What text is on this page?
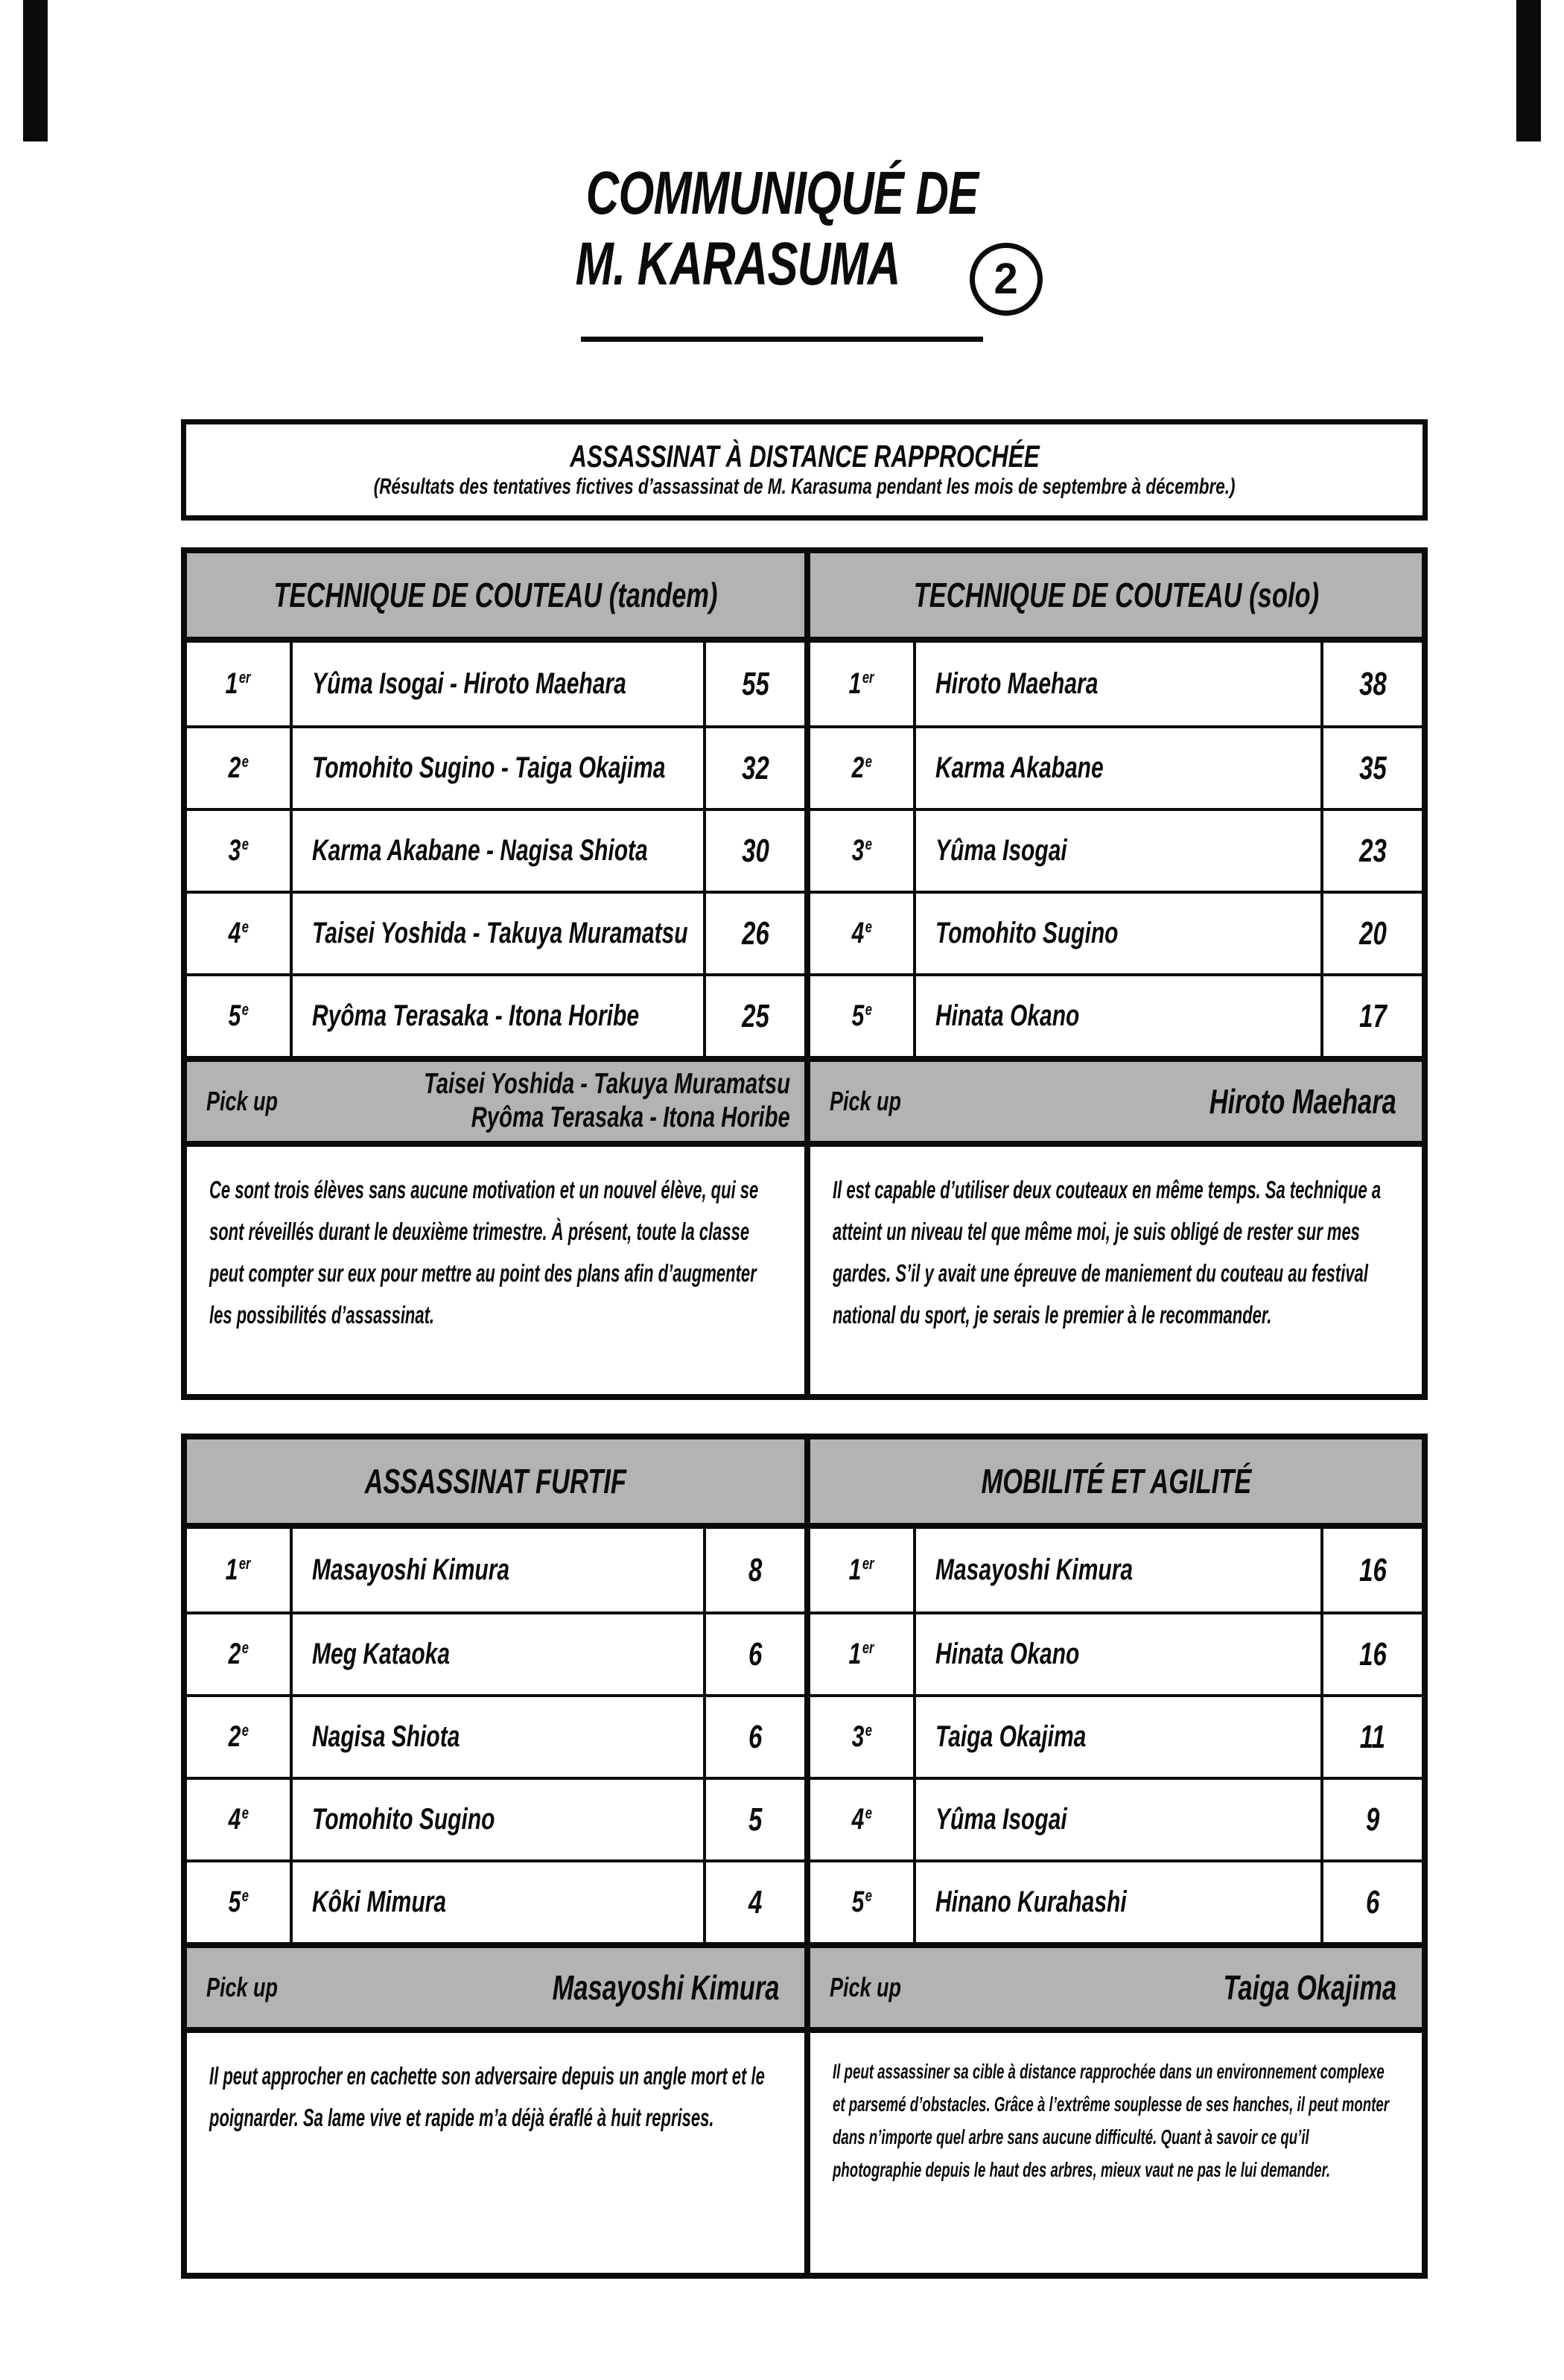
COMMUNIQUÉ DE
M. KARASUMA 2
ASSASSINAT À DISTANCE RAPPROCHÉE
(Résultats des tentatives fictives d’assassinat de M. Karasuma pendant les mois de septembre à décembre.)
TECHNIQUE DE COUTEAU (tandem)
1er Yûma Isogai - Hiroto Maehara	55
2e Tomohito Sugino - Taiga Okajima 32
3e Karma Akabane - Nagisa Shiota	30
4e Taisei Yoshida - Takuya Muramatsu 26
5e Ryôma Terasaka - Itona Horibe	25
Pick up
Taisei Yoshida - Takuya Muramatsu
Ryôma Terasaka - Itona Horibe

Ce sont trois élèves sans aucune motivation et un nouvel élève, qui se sont réveillés durant le deuxième trimestre. À présent, toute la classe peut compter sur eux pour mettre au point des plans afin d’augmenter les possibilités d’assassinat.

TECHNIQUE DE COUTEAU (solo)
1er Hiroto Maehara	38
2e Karma Akabane	35
3e Yûma Isogai	23
4e Tomohito Sugino	20
5e Hinata Okano	17
Pick up	Hiroto Maehara

Il est capable d’utiliser deux couteaux en même temps. Sa technique a atteint un niveau tel que même moi, je suis obligé de rester sur mes gardes. S’il y avait une épreuve de maniement du couteau au festival national du sport, je serais le premier à le recommander.

ASSASSINAT FURTIF
1er Masayoshi Kimura	8
2e Meg Kataoka	6
2e Nagisa Shiota	6
4e Tomohito Sugino	5
5e Kôki Mimura	4
Pick up	Masayoshi Kimura

Il peut approcher en cachette son adversaire depuis un angle mort et le poignarder. Sa lame vive et rapide m’a déjà éraflé à huit reprises.

MOBILITÉ ET AGILITÉ
1er Masayoshi Kimura	16
1er Hinata Okano	16
3e Taiga Okajima	11
4e Yûma Isogai	9
5e Hinano Kurahashi	6
Pick up	Taiga Okajima

Il peut assassiner sa cible à distance rapprochée dans un environnement complexe et parsemé d’obstacles. Grâce à l’extrême souplesse de ses hanches, il peut monter dans n’importe quel arbre sans aucune difficulté. Quant à savoir ce qu’il photographie depuis le haut des arbres, mieux vaut ne pas le lui demander.
